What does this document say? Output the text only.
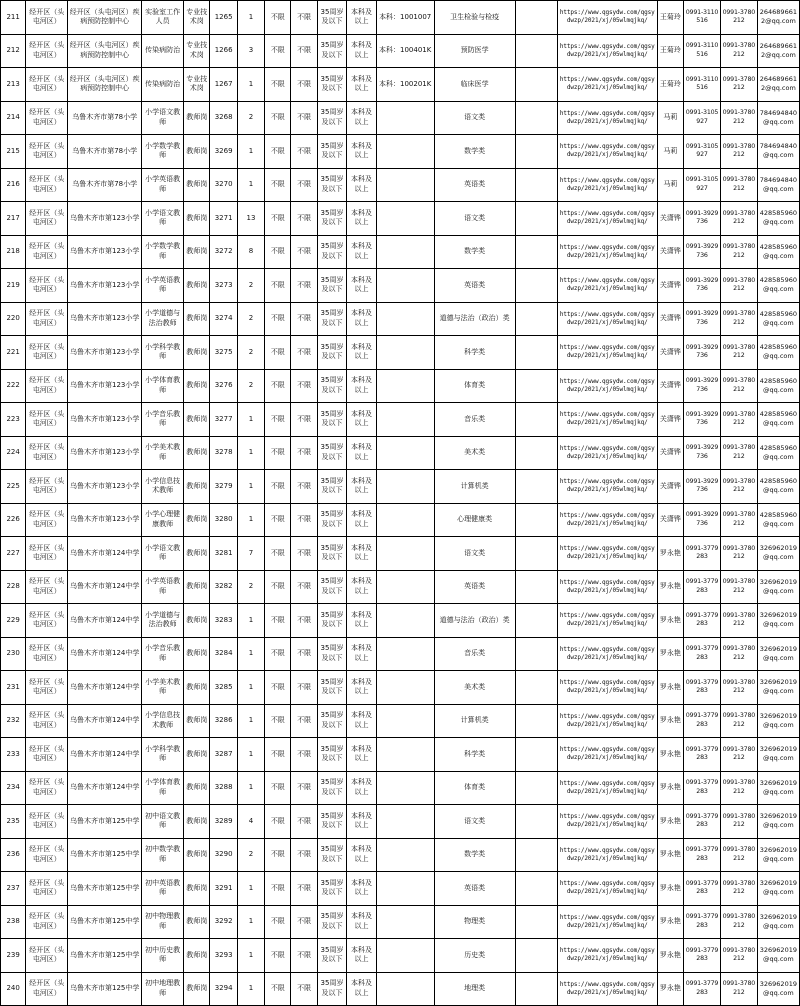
211	经开区（头屯河区）	经开区（头屯河区）疾病预防控制中心	实验室工作人员	专业技术岗	1265	1	不限	不限	35周岁及以下	本科及以上	本科：1001007	卫生检验与检疫		https://www.qgsydw.com/qgsydwzp/2021/xj/05wlmqjkq/	王菊玲	0991-3110516	0991-3780212	2646896612@qq.com
212	经开区（头屯河区）	经开区（头屯河区）疾病预防控制中心	传染病防治	专业技术岗	1266	3	不限	不限	35周岁及以下	本科及以上	本科：100401K	预防医学		https://www.qgsydw.com/qgsydwzp/2021/xj/05wlmqjkq/	王菊玲	0991-3110516	0991-3780212	2646896612@qq.com
213	经开区（头屯河区）	经开区（头屯河区）疾病预防控制中心	传染病防治	专业技术岗	1267	1	不限	不限	35周岁及以下	本科及以上	本科：100201K	临床医学		https://www.qgsydw.com/qgsydwzp/2021/xj/05wlmqjkq/	王菊玲	0991-3110516	0991-3780212	2646896612@qq.com
214	经开区（头屯河区）	乌鲁木齐市第78小学	小学语文教师	教师岗	3268	2	不限	不限	35周岁及以下	本科及以上		语文类		https://www.qgsydw.com/qgsydwzp/2021/xj/05wlmqjkq/	马莉	0991-3105927	0991-3780212	784694840@qq.com
215	经开区（头屯河区）	乌鲁木齐市第78小学	小学数学教师	教师岗	3269	1	不限	不限	35周岁及以下	本科及以上		数学类		https://www.qgsydw.com/qgsydwzp/2021/xj/05wlmqjkq/	马莉	0991-3105927	0991-3780212	784694840@qq.com
216	经开区（头屯河区）	乌鲁木齐市第78小学	小学英语教师	教师岗	3270	1	不限	不限	35周岁及以下	本科及以上		英语类		https://www.qgsydw.com/qgsydwzp/2021/xj/05wlmqjkq/	马莉	0991-3105927	0991-3780212	784694840@qq.com
217	经开区（头屯河区）	乌鲁木齐市第123小学	小学语文教师	教师岗	3271	13	不限	不限	35周岁及以下	本科及以上		语文类		https://www.qgsydw.com/qgsydwzp/2021/xj/05wlmqjkq/	关潇铧	0991-3929736	0991-3780212	428585960@qq.com
218	经开区（头屯河区）	乌鲁木齐市第123小学	小学数学教师	教师岗	3272	8	不限	不限	35周岁及以下	本科及以上		数学类		https://www.qgsydw.com/qgsydwzp/2021/xj/05wlmqjkq/	关潇铧	0991-3929736	0991-3780212	428585960@qq.com
219	经开区（头屯河区）	乌鲁木齐市第123小学	小学英语教师	教师岗	3273	2	不限	不限	35周岁及以下	本科及以上		英语类		https://www.qgsydw.com/qgsydwzp/2021/xj/05wlmqjkq/	关潇铧	0991-3929736	0991-3780212	428585960@qq.com
220	经开区（头屯河区）	乌鲁木齐市第123小学	小学道德与法治教师	教师岗	3274	2	不限	不限	35周岁及以下	本科及以上		道德与法治（政治）类		https://www.qgsydw.com/qgsydwzp/2021/xj/05wlmqjkq/	关潇铧	0991-3929736	0991-3780212	428585960@qq.com
221	经开区（头屯河区）	乌鲁木齐市第123小学	小学科学教师	教师岗	3275	2	不限	不限	35周岁及以下	本科及以上		科学类		https://www.qgsydw.com/qgsydwzp/2021/xj/05wlmqjkq/	关潇铧	0991-3929736	0991-3780212	428585960@qq.com
222	经开区（头屯河区）	乌鲁木齐市第123小学	小学体育教师	教师岗	3276	2	不限	不限	35周岁及以下	本科及以上		体育类		https://www.qgsydw.com/qgsydwzp/2021/xj/05wlmqjkq/	关潇铧	0991-3929736	0991-3780212	428585960@qq.com
223	经开区（头屯河区）	乌鲁木齐市第123小学	小学音乐教师	教师岗	3277	1	不限	不限	35周岁及以下	本科及以上		音乐类		https://www.qgsydw.com/qgsydwzp/2021/xj/05wlmqjkq/	关潇铧	0991-3929736	0991-3780212	428585960@qq.com
224	经开区（头屯河区）	乌鲁木齐市第123小学	小学美术教师	教师岗	3278	1	不限	不限	35周岁及以下	本科及以上		美术类		https://www.qgsydw.com/qgsydwzp/2021/xj/05wlmqjkq/	关潇铧	0991-3929736	0991-3780212	428585960@qq.com
225	经开区（头屯河区）	乌鲁木齐市第123小学	小学信息技术教师	教师岗	3279	1	不限	不限	35周岁及以下	本科及以上		计算机类		https://www.qgsydw.com/qgsydwzp/2021/xj/05wlmqjkq/	关潇铧	0991-3929736	0991-3780212	428585960@qq.com
226	经开区（头屯河区）	乌鲁木齐市第123小学	小学心理健康教师	教师岗	3280	1	不限	不限	35周岁及以下	本科及以上		心理健康类		https://www.qgsydw.com/qgsydwzp/2021/xj/05wlmqjkq/	关潇铧	0991-3929736	0991-3780212	428585960@qq.com
227	经开区（头屯河区）	乌鲁木齐市第124中学	小学语文教师	教师岗	3281	7	不限	不限	35周岁及以下	本科及以上		语文类		https://www.qgsydw.com/qgsydwzp/2021/xj/05wlmqjkq/	罗永艳	0991-3779283	0991-3780212	326962019@qq.com
228	经开区（头屯河区）	乌鲁木齐市第124中学	小学英语教师	教师岗	3282	2	不限	不限	35周岁及以下	本科及以上		英语类		https://www.qgsydw.com/qgsydwzp/2021/xj/05wlmqjkq/	罗永艳	0991-3779283	0991-3780212	326962019@qq.com
229	经开区（头屯河区）	乌鲁木齐市第124中学	小学道德与法治教师	教师岗	3283	1	不限	不限	35周岁及以下	本科及以上		道德与法治（政治）类		https://www.qgsydw.com/qgsydwzp/2021/xj/05wlmqjkq/	罗永艳	0991-3779283	0991-3780212	326962019@qq.com
230	经开区（头屯河区）	乌鲁木齐市第124中学	小学音乐教师	教师岗	3284	1	不限	不限	35周岁及以下	本科及以上		音乐类		https://www.qgsydw.com/qgsydwzp/2021/xj/05wlmqjkq/	罗永艳	0991-3779283	0991-3780212	326962019@qq.com
231	经开区（头屯河区）	乌鲁木齐市第124中学	小学美术教师	教师岗	3285	1	不限	不限	35周岁及以下	本科及以上		美术类		https://www.qgsydw.com/qgsydwzp/2021/xj/05wlmqjkq/	罗永艳	0991-3779283	0991-3780212	326962019@qq.com
232	经开区（头屯河区）	乌鲁木齐市第124中学	小学信息技术教师	教师岗	3286	1	不限	不限	35周岁及以下	本科及以上		计算机类		https://www.qgsydw.com/qgsydwzp/2021/xj/05wlmqjkq/	罗永艳	0991-3779283	0991-3780212	326962019@qq.com
233	经开区（头屯河区）	乌鲁木齐市第124中学	小学科学教师	教师岗	3287	1	不限	不限	35周岁及以下	本科及以上		科学类		https://www.qgsydw.com/qgsydwzp/2021/xj/05wlmqjkq/	罗永艳	0991-3779283	0991-3780212	326962019@qq.com
234	经开区（头屯河区）	乌鲁木齐市第124中学	小学体育教师	教师岗	3288	1	不限	不限	35周岁及以下	本科及以上		体育类		https://www.qgsydw.com/qgsydwzp/2021/xj/05wlmqjkq/	罗永艳	0991-3779283	0991-3780212	326962019@qq.com
235	经开区（头屯河区）	乌鲁木齐市第125中学	初中语文教师	教师岗	3289	4	不限	不限	35周岁及以下	本科及以上		语文类		https://www.qgsydw.com/qgsydwzp/2021/xj/05wlmqjkq/	罗永艳	0991-3779283	0991-3780212	326962019@qq.com
236	经开区（头屯河区）	乌鲁木齐市第125中学	初中数学教师	教师岗	3290	2	不限	不限	35周岁及以下	本科及以上		数学类		https://www.qgsydw.com/qgsydwzp/2021/xj/05wlmqjkq/	罗永艳	0991-3779283	0991-3780212	326962019@qq.com
237	经开区（头屯河区）	乌鲁木齐市第125中学	初中英语教师	教师岗	3291	1	不限	不限	35周岁及以下	本科及以上		英语类		https://www.qgsydw.com/qgsydwzp/2021/xj/05wlmqjkq/	罗永艳	0991-3779283	0991-3780212	326962019@qq.com
238	经开区（头屯河区）	乌鲁木齐市第125中学	初中物理教师	教师岗	3292	1	不限	不限	35周岁及以下	本科及以上		物理类		https://www.qgsydw.com/qgsydwzp/2021/xj/05wlmqjkq/	罗永艳	0991-3779283	0991-3780212	326962019@qq.com
239	经开区（头屯河区）	乌鲁木齐市第125中学	初中历史教师	教师岗	3293	1	不限	不限	35周岁及以下	本科及以上		历史类		https://www.qgsydw.com/qgsydwzp/2021/xj/05wlmqjkq/	罗永艳	0991-3779283	0991-3780212	326962019@qq.com
240	经开区（头屯河区）	乌鲁木齐市第125中学	初中地理教师	教师岗	3294	1	不限	不限	35周岁及以下	本科及以上		地理类		https://www.qgsydw.com/qgsydwzp/2021/xj/05wlmqjkq/	罗永艳	0991-3779283	0991-3780212	326962019@qq.com
